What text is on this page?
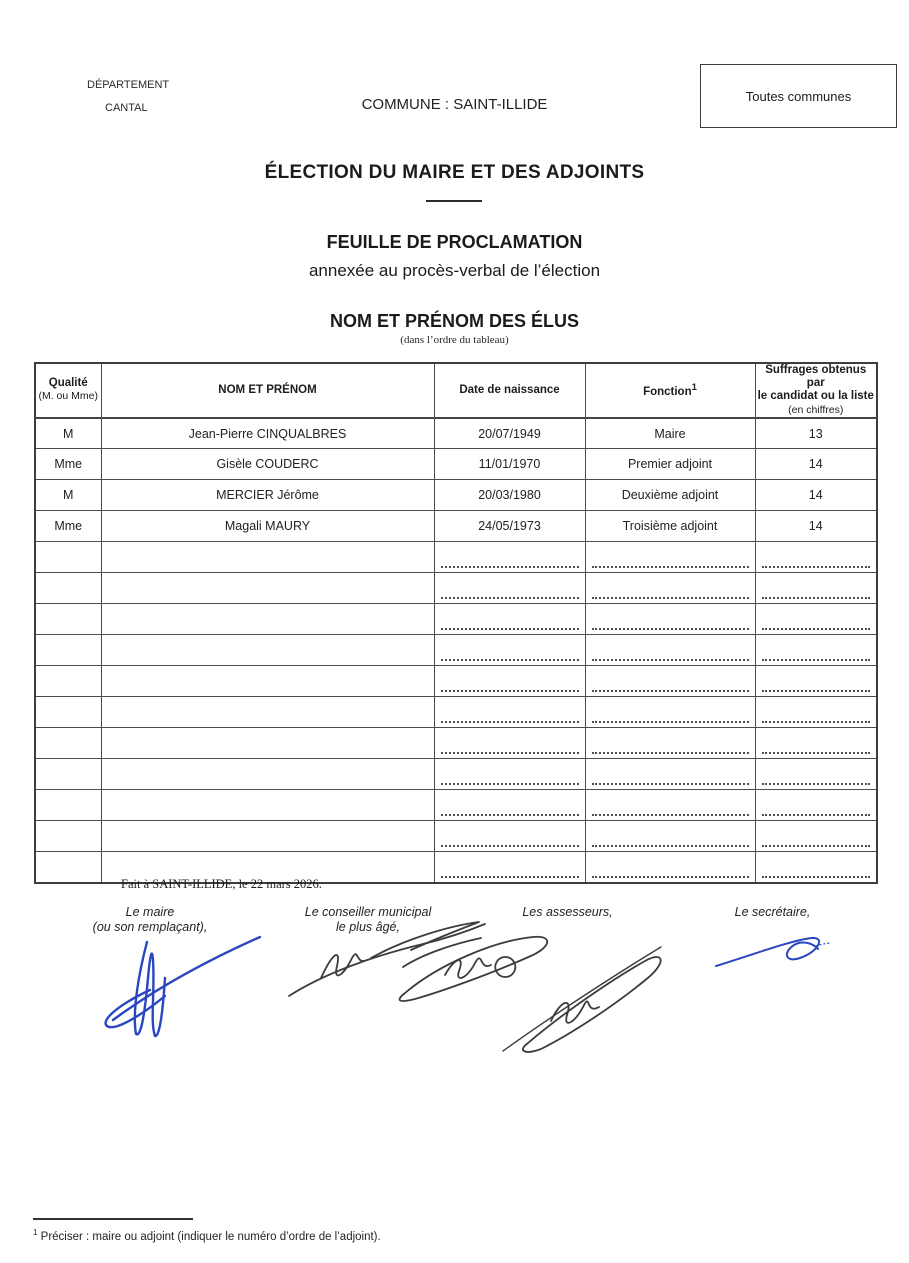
DÉPARTEMENT
CANTAL	COMMUNE : SAINT-ILLIDE	Toutes communes
ÉLECTION DU MAIRE ET DES ADJOINTS
FEUILLE DE PROCLAMATION
annexée au procès-verbal de l’élection
NOM ET PRÉNOM DES ÉLUS
(dans l’ordre du tableau)
Qualité
(M. ou Mme)	NOM ET PRÉNOM	Date de naissance	Fonction$^1$	Suffrages obtenus par
le candidat ou la liste
(en chiffres)
M	Jean-Pierre CINQUALBRES	20/07/1949	Maire	13
Mme	Gisèle COUDERC	11/01/1970	Premier adjoint	14
M	MERCIER Jérôme	20/03/1980	Deuxième adjoint	14
Mme	Magali MAURY	24/05/1973	Troisième adjoint	14

Fait à SAINT-ILLIDE, le 22 mars 2026.
Le maire
(ou son remplaçant),
Le conseiller municipal
le plus âgé,
Les assesseurs,	Le secrétaire,
$^1$ Préciser : maire ou adjoint (indiquer le numéro d’ordre de l’adjoint).
